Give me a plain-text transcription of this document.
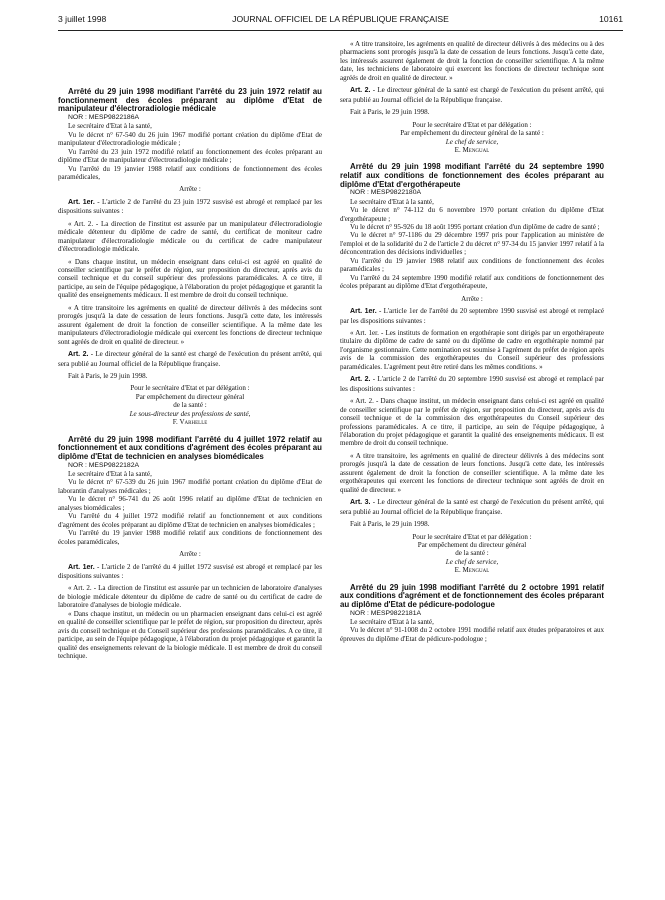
3 juillet 1998	JOURNAL OFFICIEL DE LA RÉPUBLIQUE FRANÇAISE	10161

Arrêté du 29 juin 1998 modifiant l'arrêté du 23 juin 1972 relatif au fonctionnement des écoles préparant au diplôme d'Etat de manipulateur d'électroradiologie médicale

NOR : MESP9822186A

Le secrétaire d'Etat à la santé,

Vu le décret n° 67-540 du 26 juin 1967 modifié portant création du diplôme d'Etat de manipulateur d'électroradiologie médicale ;

Vu l'arrêté du 23 juin 1972 modifié relatif au fonctionnement des écoles préparant au diplôme d'Etat de manipulateur d'électroradiologie médicale ;

Vu l'arrêté du 19 janvier 1988 relatif aux conditions de fonctionnement des écoles paramédicales,

Arrête :

Art. 1er. - L'article 2 de l'arrêté du 23 juin 1972 susvisé est abrogé et remplacé par les dispositions suivantes :

« Art. 2. - La direction de l'institut est assurée par un manipulateur d'électroradiologie médicale détenteur du diplôme de cadre de santé, du certificat de moniteur cadre manipulateur d'électroradiologie médicale ou du certificat de cadre manipulateur d'électroradiologie médicale.

« Dans chaque institut, un médecin enseignant dans celui-ci est agréé en qualité de conseiller scientifique par le préfet de région, sur proposition du directeur, après avis du conseil technique et du conseil supérieur des professions paramédicales. A ce titre, il participe, au sein de l'équipe pédagogique, à l'élaboration du projet pédagogique et garantit la qualité des enseignements médicaux. Il est membre de droit du conseil technique.

« A titre transitoire les agréments en qualité de directeur délivrés à des médecins sont prorogés jusqu'à la date de cessation de leurs fonctions. Jusqu'à cette date, les intéressés assurent également de droit la fonction de conseiller scientifique. A la même date les manipulateurs d'électroradiologie médicale qui exercent les fonctions de directeur technique sont agréés de droit en qualité de directeur. »

Art. 2. - Le directeur général de la santé est chargé de l'exécution du présent arrêté, qui sera publié au Journal officiel de la République française.

Fait à Paris, le 29 juin 1998.

Pour le secrétaire d'Etat et par délégation :

Par empêchement du directeur général

de la santé :

Le sous-directeur des professions de santé,

F. Varhelle

Arrêté du 29 juin 1998 modifiant l'arrêté du 4 juillet 1972 relatif au fonctionnement et aux conditions d'agrément des écoles préparant au diplôme d'Etat de technicien en analyses biomédicales

NOR : MESP9822182A

Le secrétaire d'Etat à la santé,

Vu le décret n° 67-539 du 26 juin 1967 modifié portant création du diplôme d'Etat de laborantin d'analyses médicales ;

Vu le décret n° 96-741 du 26 août 1996 relatif au diplôme d'Etat de technicien en analyses biomédicales ;

Vu l'arrêté du 4 juillet 1972 modifié relatif au fonctionnement et aux conditions d'agrément des écoles préparant au diplôme d'Etat de technicien en analyses biomédicales ;

Vu l'arrêté du 19 janvier 1988 modifié relatif aux conditions de fonctionnement des écoles paramédicales,

Arrête :

Art. 1er. - L'article 2 de l'arrêté du 4 juillet 1972 susvisé est abrogé et remplacé par les dispositions suivantes :

« Art. 2. - La direction de l'institut est assurée par un technicien de laboratoire d'analyses de biologie médicale détenteur du diplôme de cadre de santé ou du certificat de cadre de laboratoire d'analyses de biologie médicale.

« Dans chaque institut, un médecin ou un pharmacien enseignant dans celui-ci est agréé en qualité de conseiller scientifique par le préfet de région, sur proposition du directeur, après avis du conseil technique et du Conseil supérieur des professions paramédicales. A ce titre, il participe, au sein de l'équipe pédagogique, à l'élaboration du projet pédagogique et garantit la qualité des enseignements relevant de la biologie médicale. Il est membre de droit du conseil technique.

« A titre transitoire, les agréments en qualité de directeur délivrés à des médecins ou à des pharmaciens sont prorogés jusqu'à la date de cessation de leurs fonctions. Jusqu'à cette date, les intéressés assurent également de droit la fonction de conseiller scientifique. A la même date, les techniciens de laboratoire qui exercent les fonctions de directeur technique sont agréés de droit en qualité de directeur. »

Art. 2. - Le directeur général de la santé est chargé de l'exécution du présent arrêté, qui sera publié au Journal officiel de la République française.

Fait à Paris, le 29 juin 1998.

Pour le secrétaire d'Etat et par délégation :

Par empêchement du directeur général de la santé :

Le chef de service,

E. Mengual

Arrêté du 29 juin 1998 modifiant l'arrêté du 24 septembre 1990 relatif aux conditions de fonctionnement des écoles préparant au diplôme d'Etat d'ergothérapeute

NOR : MESP9822180A

Le secrétaire d'Etat à la santé,

Vu le décret n° 74-112 du 6 novembre 1970 portant création du diplôme d'Etat d'ergothérapeute ;

Vu le décret n° 95-926 du 18 août 1995 portant création d'un diplôme de cadre de santé ;

Vu le décret n° 97-1186 du 29 décembre 1997 pris pour l'application au ministère de l'emploi et de la solidarité du 2 de l'article 2 du décret n° 97-34 du 15 janvier 1997 relatif à la déconcentration des décisions individuelles ;

Vu l'arrêté du 19 janvier 1988 relatif aux conditions de fonctionnement des écoles paramédicales ;

Vu l'arrêté du 24 septembre 1990 modifié relatif aux conditions de fonctionnement des écoles préparant au diplôme d'Etat d'ergothérapeute,

Arrête :

Art. 1er. - L'article 1er de l'arrêté du 20 septembre 1990 susvisé est abrogé et remplacé par les dispositions suivantes :

« Art. 1er. - Les instituts de formation en ergothérapie sont dirigés par un ergothérapeute titulaire du diplôme de cadre de santé ou du diplôme de cadre en ergothérapie nommé par l'organisme gestionnaire. Cette nomination est soumise à l'agrément du préfet de région après avis de la commission des ergothérapeutes du Conseil supérieur des professions paramédicales. L'agrément peut être retiré dans les mêmes conditions. »

Art. 2. - L'article 2 de l'arrêté du 20 septembre 1990 susvisé est abrogé et remplacé par les dispositions suivantes :

« Art. 2. - Dans chaque institut, un médecin enseignant dans celui-ci est agréé en qualité de conseiller scientifique par le préfet de région, sur proposition du directeur, après avis du conseil technique et de la commission des ergothérapeutes du Conseil supérieur des professions paramédicales. A ce titre, il participe, au sein de l'équipe pédagogique, à l'élaboration du projet pédagogique et garantit la qualité des enseignements médicaux. Il est membre de droit du conseil technique.

« A titre transitoire, les agréments en qualité de directeur délivrés à des médecins sont prorogés jusqu'à la date de cessation de leurs fonctions. Jusqu'à cette date, les intéressés assurent également de droit la fonction de conseiller scientifique. A la même date les ergothérapeutes qui exercent les fonctions de directeur technique sont agréés de droit en qualité de directeur. »

Art. 3. - Le directeur général de la santé est chargé de l'exécution du présent arrêté, qui sera publié au Journal officiel de la République française.

Fait à Paris, le 29 juin 1998.

Pour le secrétaire d'Etat et par délégation :

Par empêchement du directeur général

de la santé :

Le chef de service,

E. Mengual

Arrêté du 29 juin 1998 modifiant l'arrêté du 2 octobre 1991 relatif aux conditions d'agrément et de fonctionnement des écoles préparant au diplôme d'Etat de pédicure-podologue

NOR : MESP9822181A

Le secrétaire d'Etat à la santé,

Vu le décret n° 91-1008 du 2 octobre 1991 modifié relatif aux études préparatoires et aux épreuves du diplôme d'Etat de pédicure-podologue ;
